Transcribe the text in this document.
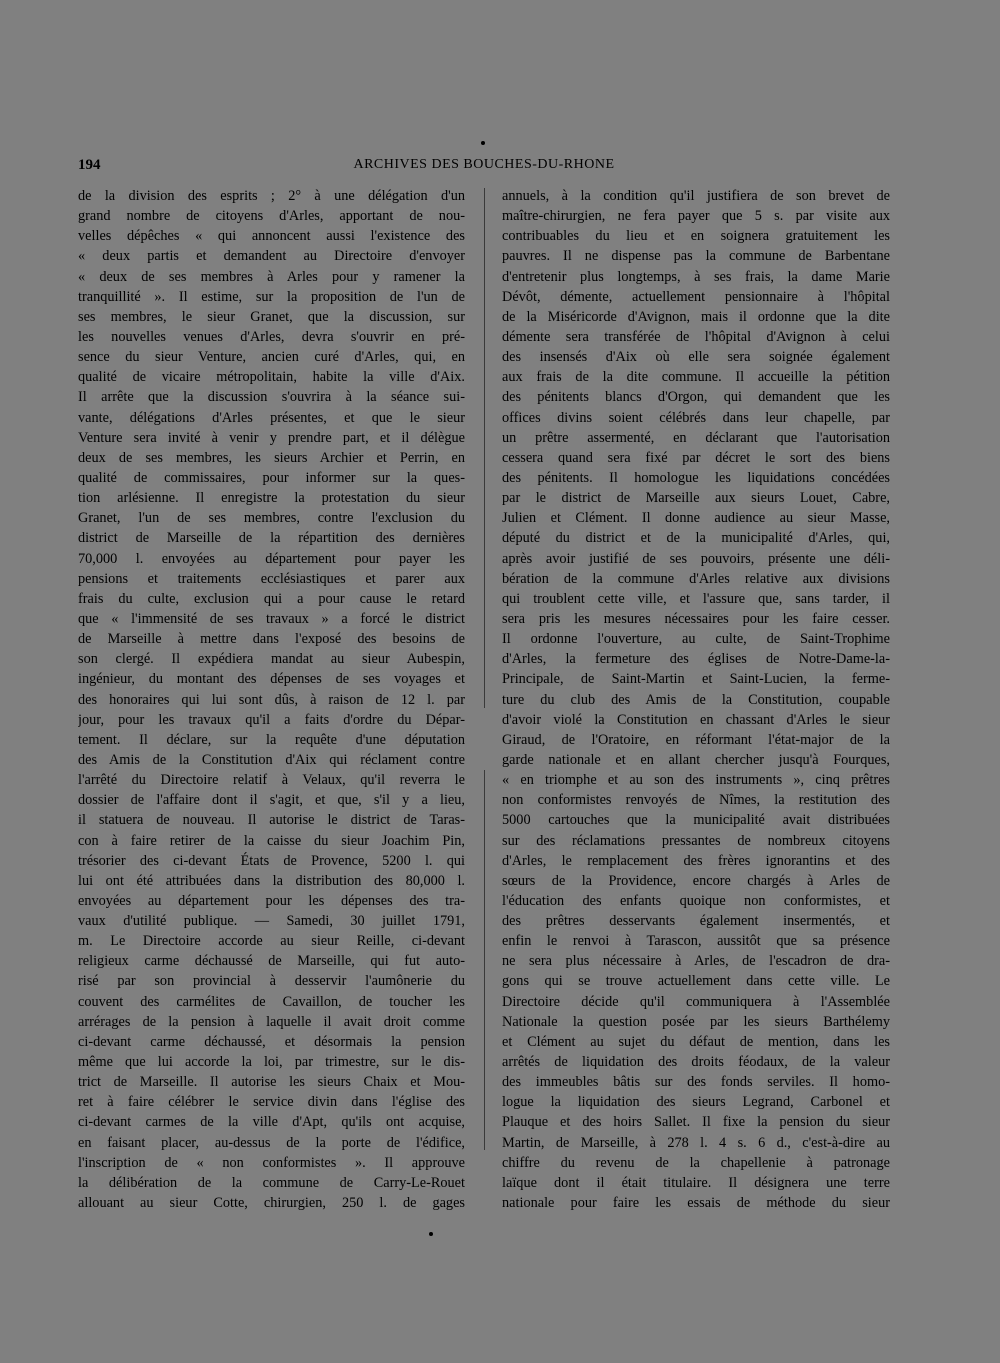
194	ARCHIVES DES BOUCHES-DU-RHONE
de la division des esprits ; 2° à une délégation d'un
grand nombre de citoyens d'Arles, apportant de nou-
velles dépêches « qui annoncent aussi l'existence des
« deux partis et demandent au Directoire d'envoyer
« deux de ses membres à Arles pour y ramener la
tranquillité ». Il estime, sur la proposition de l'un de
ses membres, le sieur Granet, que la discussion, sur
les nouvelles venues d'Arles, devra s'ouvrir en pré-
sence du sieur Venture, ancien curé d'Arles, qui, en
qualité de vicaire métropolitain, habite la ville d'Aix.
Il arrête que la discussion s'ouvrira à la séance sui-
vante, délégations d'Arles présentes, et que le sieur
Venture sera invité à venir y prendre part, et il délègue
deux de ses membres, les sieurs Archier et Perrin, en
qualité de commissaires, pour informer sur la ques-
tion arlésienne. Il enregistre la protestation du sieur
Granet, l'un de ses membres, contre l'exclusion du
district de Marseille de la répartition des dernières
70,000 l. envoyées au département pour payer les
pensions et traitements ecclésiastiques et parer aux
frais du culte, exclusion qui a pour cause le retard
que « l'immensité de ses travaux » a forcé le district
de Marseille à mettre dans l'exposé des besoins de
son clergé. Il expédiera mandat au sieur Aubespin,
ingénieur, du montant des dépenses de ses voyages et
des honoraires qui lui sont dûs, à raison de 12 l. par
jour, pour les travaux qu'il a faits d'ordre du Dépar-
tement. Il déclare, sur la requête d'une députation
des Amis de la Constitution d'Aix qui réclament contre
l'arrêté du Directoire relatif à Velaux, qu'il reverra le
dossier de l'affaire dont il s'agit, et que, s'il y a lieu,
il statuera de nouveau. Il autorise le district de Taras-
con à faire retirer de la caisse du sieur Joachim Pin,
trésorier des ci-devant États de Provence, 5200 l. qui
lui ont été attribuées dans la distribution des 80,000 l.
envoyées au département pour les dépenses des tra-
vaux d'utilité publique. — Samedi, 30 juillet 1791,
m. Le Directoire accorde au sieur Reille, ci-devant
religieux carme déchaussé de Marseille, qui fut auto-
risé par son provincial à desservir l'aumônerie du
couvent des carmélites de Cavaillon, de toucher les
arrérages de la pension à laquelle il avait droit comme
ci-devant carme déchaussé, et désormais la pension
même que lui accorde la loi, par trimestre, sur le dis-
trict de Marseille. Il autorise les sieurs Chaix et Mou-
ret à faire célébrer le service divin dans l'église des
ci-devant carmes de la ville d'Apt, qu'ils ont acquise,
en faisant placer, au-dessus de la porte de l'édifice,
l'inscription de « non conformistes ». Il approuve
la délibération de la commune de Carry-Le-Rouet
allouant au sieur Cotte, chirurgien, 250 l. de gages
annuels, à la condition qu'il justifiera de son brevet de
maître-chirurgien, ne fera payer que 5 s. par visite aux
contribuables du lieu et en soignera gratuitement les
pauvres. Il ne dispense pas la commune de Barbentane
d'entretenir plus longtemps, à ses frais, la dame Marie
Dévôt, démente, actuellement pensionnaire à l'hôpital
de la Miséricorde d'Avignon, mais il ordonne que la dite
démente sera transférée de l'hôpital d'Avignon à celui
des insensés d'Aix où elle sera soignée également
aux frais de la dite commune. Il accueille la pétition
des pénitents blancs d'Orgon, qui demandent que les
offices divins soient célébrés dans leur chapelle, par
un prêtre assermenté, en déclarant que l'autorisation
cessera quand sera fixé par décret le sort des biens
des pénitents. Il homologue les liquidations concédées
par le district de Marseille aux sieurs Louet, Cabre,
Julien et Clément. Il donne audience au sieur Masse,
député du district et de la municipalité d'Arles, qui,
après avoir justifié de ses pouvoirs, présente une déli-
bération de la commune d'Arles relative aux divisions
qui troublent cette ville, et l'assure que, sans tarder, il
sera pris les mesures nécessaires pour les faire cesser.
Il ordonne l'ouverture, au culte, de Saint-Trophime
d'Arles, la fermeture des églises de Notre-Dame-la-
Principale, de Saint-Martin et Saint-Lucien, la ferme-
ture du club des Amis de la Constitution, coupable
d'avoir violé la Constitution en chassant d'Arles le sieur
Giraud, de l'Oratoire, en réformant l'état-major de la
garde nationale et en allant chercher jusqu'à Fourques,
« en triomphe et au son des instruments », cinq prêtres
non conformistes renvoyés de Nîmes, la restitution des
5000 cartouches que la municipalité avait distribuées
sur des réclamations pressantes de nombreux citoyens
d'Arles, le remplacement des frères ignorantins et des
sœurs de la Providence, encore chargés à Arles de
l'éducation des enfants quoique non conformistes, et
des prêtres desservants également insermentés, et
enfin le renvoi à Tarascon, aussitôt que sa présence
ne sera plus nécessaire à Arles, de l'escadron de dra-
gons qui se trouve actuellement dans cette ville. Le
Directoire décide qu'il communiquera à l'Assemblée
Nationale la question posée par les sieurs Barthélemy
et Clément au sujet du défaut de mention, dans les
arrêtés de liquidation des droits féodaux, de la valeur
des immeubles bâtis sur des fonds serviles. Il homo-
logue la liquidation des sieurs Legrand, Carbonel et
Plauque et des hoirs Sallet. Il fixe la pension du sieur
Martin, de Marseille, à 278 l. 4 s. 6 d., c'est-à-dire au
chiffre du revenu de la chapellenie à patronage
laïque dont il était titulaire. Il désignera une terre
nationale pour faire les essais de méthode du sieur
